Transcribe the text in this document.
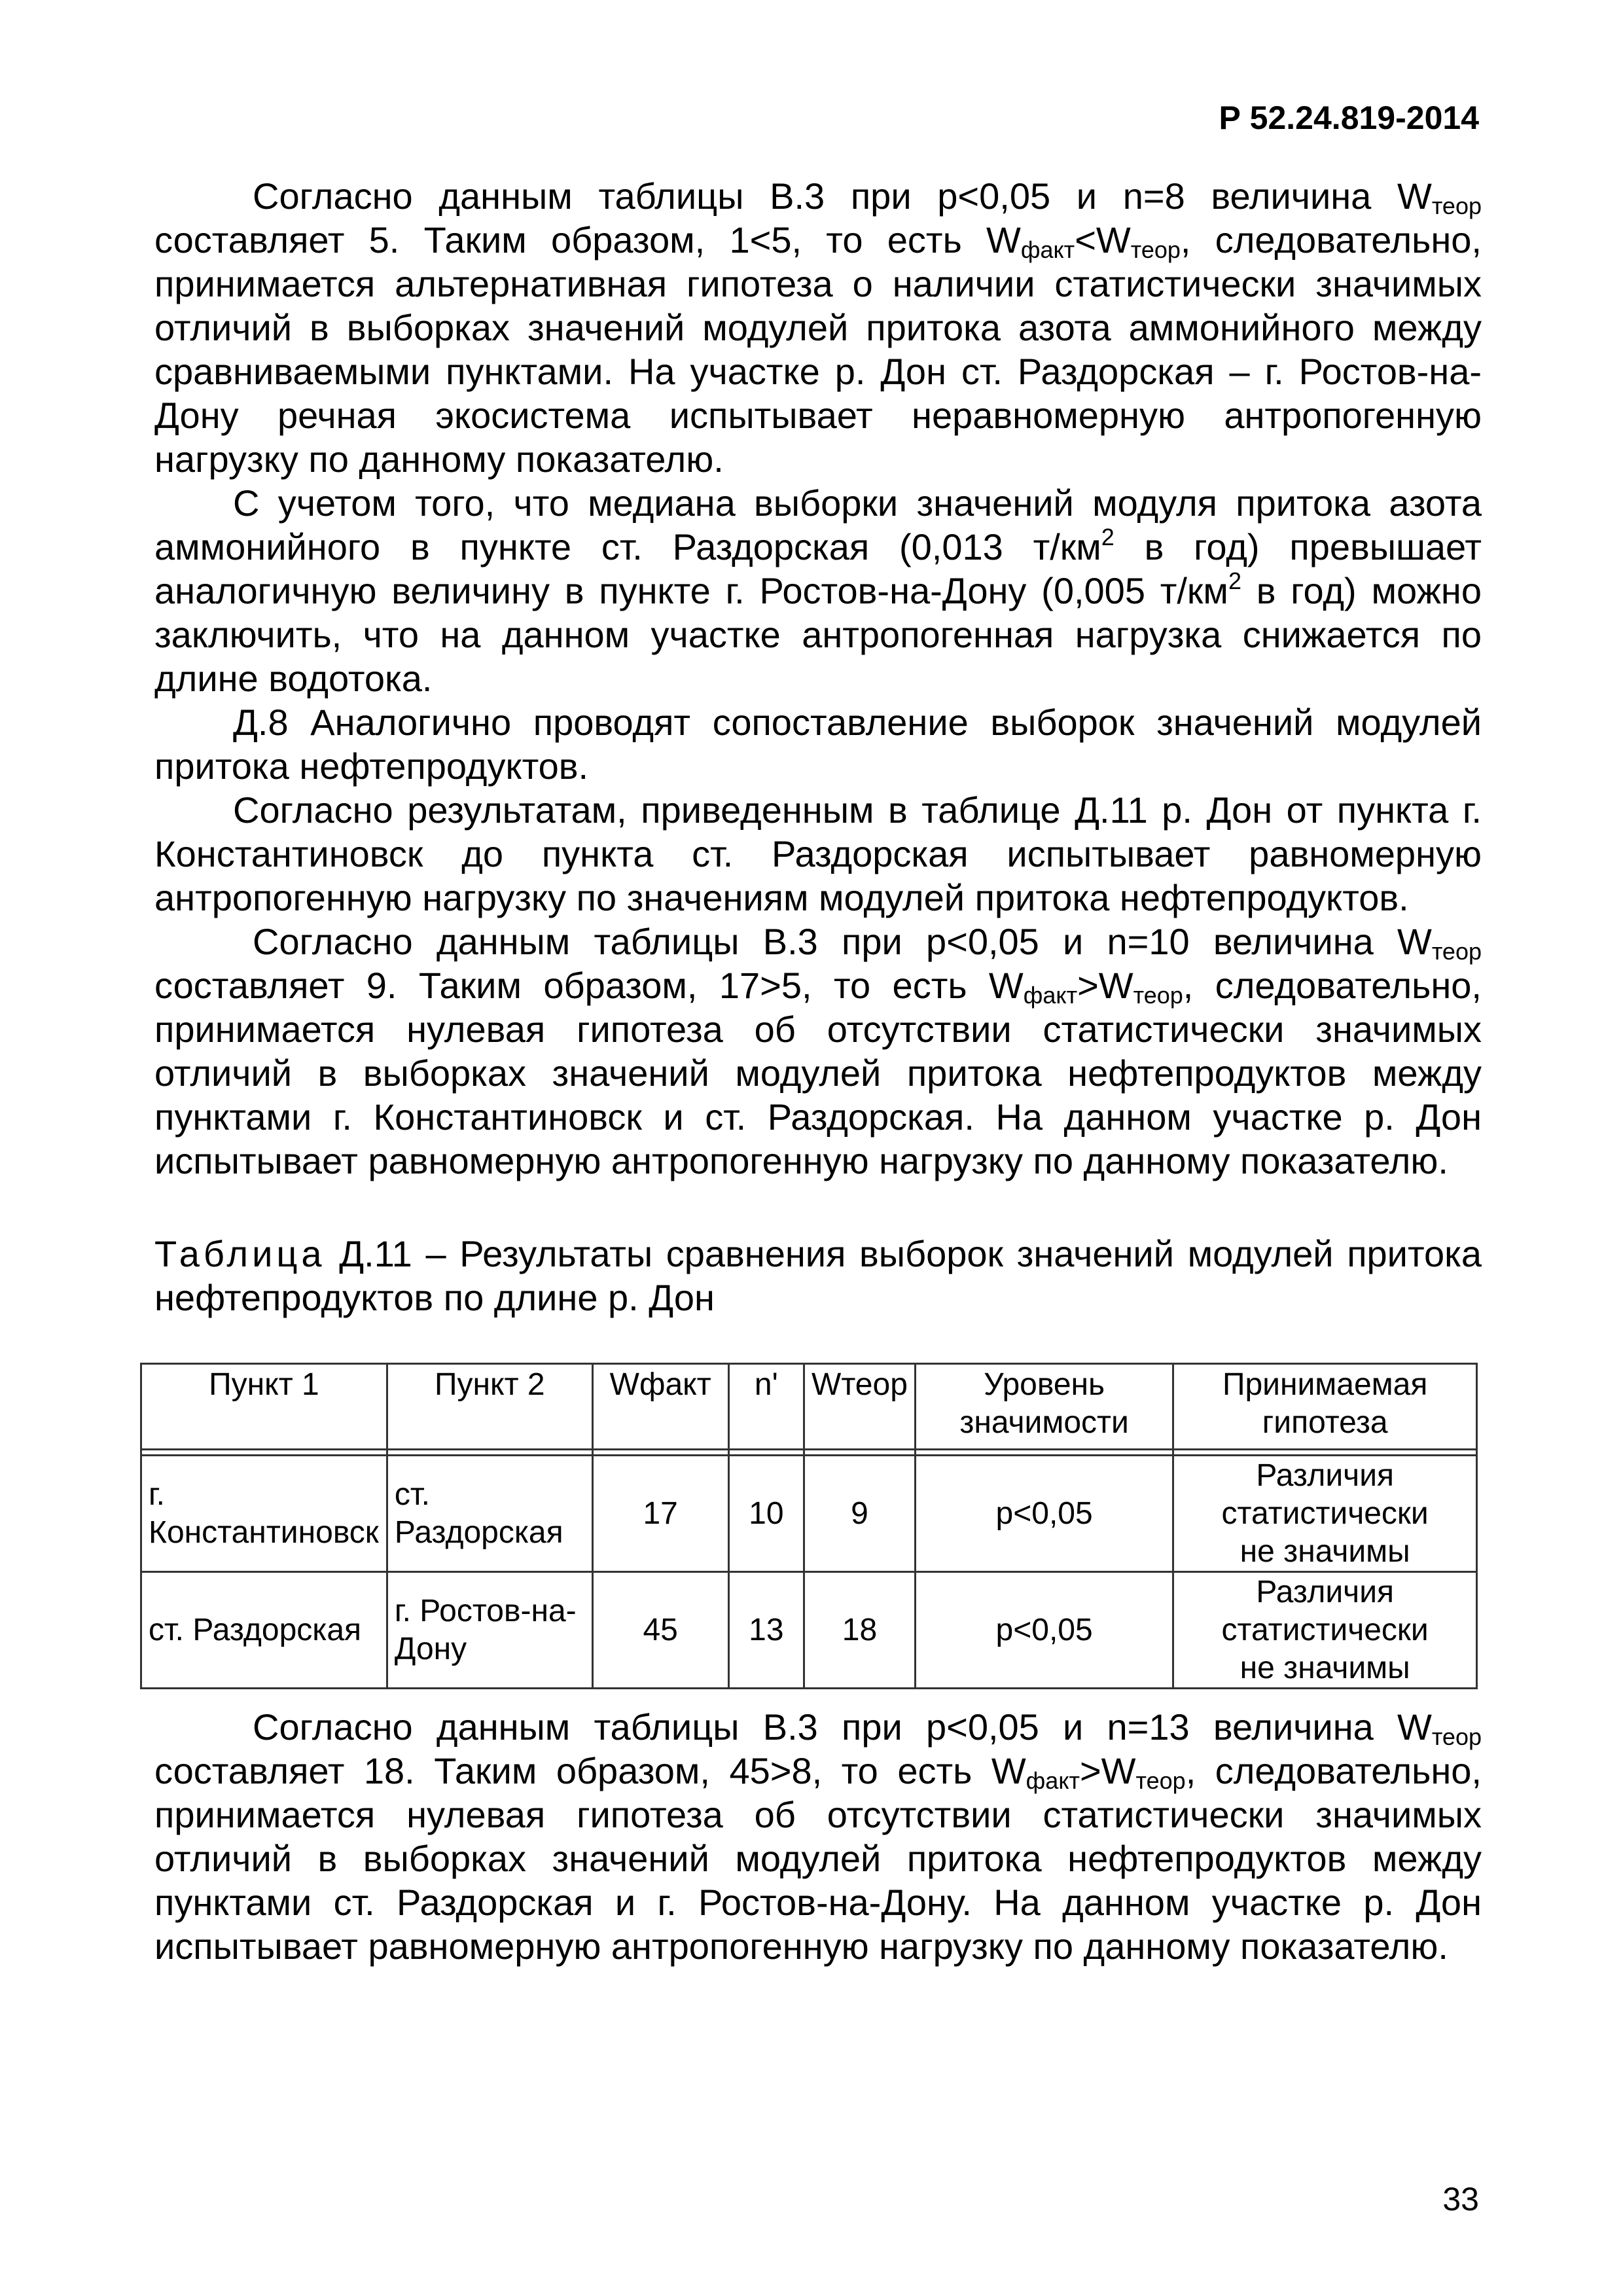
Р 52.24.819-2014

Согласно данным таблицы В.3 при p<0,05 и n=8 величина $W_{теор}$ составляет 5. Таким образом, 1<5, то есть $W_{факт}<W_{теор}$, следовательно, принимается альтернативная гипотеза о наличии статистически значимых отличий в выборках значений модулей притока азота аммонийного между сравниваемыми пунктами. На участке р. Дон ст. Раздорская – г. Ростов-на-Дону речная экосистема испытывает неравномерную антропогенную нагрузку по данному показателю.

С учетом того, что медиана выборки значений модуля притока азота аммонийного в пункте ст. Раздорская (0,013 $т/км^2$ в год) превышает аналогичную величину в пункте г. Ростов-на-Дону (0,005 $т/км^2$ в год) можно заключить, что на данном участке антропогенная нагрузка снижается по длине водотока.

Д.8 Аналогично проводят сопоставление выборок значений модулей притока нефтепродуктов.

Согласно результатам, приведенным в таблице Д.11 р. Дон от пункта г. Константиновск до пункта ст. Раздорская испытывает равномерную антропогенную нагрузку по значениям модулей притока нефтепродуктов.

Согласно данным таблицы В.3 при p<0,05 и n=10 величина $W_{теор}$ составляет 9. Таким образом, 17>5, то есть $W_{факт}>W_{теор}$, следовательно, принимается нулевая гипотеза об отсутствии статистически значимых отличий в выборках значений модулей притока нефтепродуктов между пунктами г. Константиновск и ст. Раздорская. На данном участке р. Дон испытывает равномерную антропогенную нагрузку по данному показателю.

Таблица Д.11 – Результаты сравнения выборок значений модулей притока нефтепродуктов по длине р. Дон

Пункт 1	Пункт 2	Wфакт	n'	Wтеор	Уровень значимости	Принимаемая гипотеза

г. Константиновск	ст. Раздорская	17	10	9	p<0,05	Различия
статистически
не значимы

ст. Раздорская	г. Ростов-на-Дону	45	13	18	p<0,05	Различия
статистически
не значимы

Согласно данным таблицы В.3 при p<0,05 и n=13 величина $W_{теор}$ составляет 18. Таким образом, 45>8, то есть $W_{факт}>W_{теор}$, следовательно, принимается нулевая гипотеза об отсутствии статистически значимых отличий в выборках значений модулей притока нефтепродуктов между пунктами ст. Раздорская и г. Ростов-на-Дону. На данном участке р. Дон испытывает равномерную антропогенную нагрузку по данному показателю.

33
